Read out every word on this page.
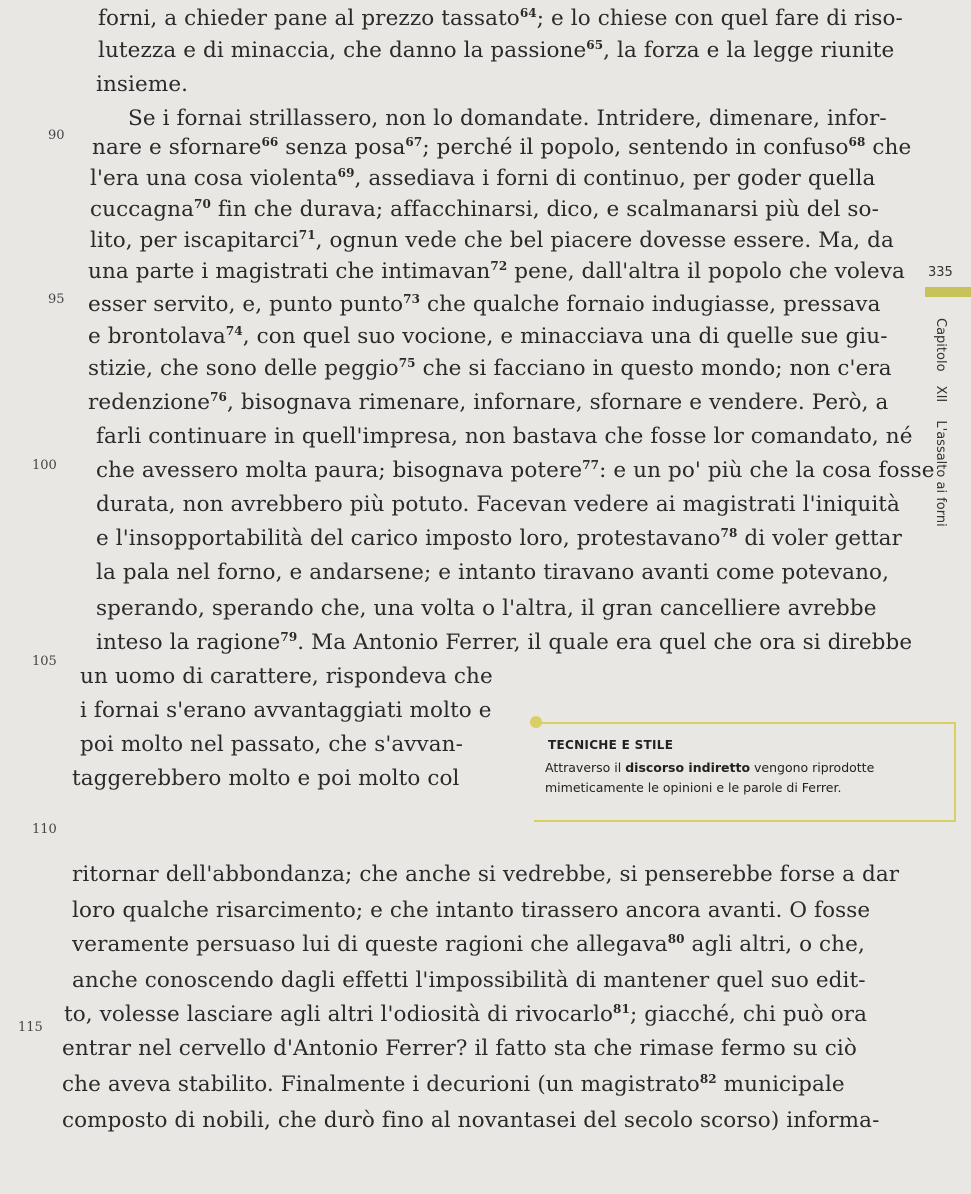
forni, a chieder pane al prezzo tassato$^{64}$; e lo chiese con quel fare di riso-
lutezza e di minaccia, che danno la passione$^{65}$, la forza e la legge riunite
insieme.
Se i fornai strillassero, non lo domandate. Intridere, dimenare, infor-
nare e sfornare$^{66}$ senza posa$^{67}$; perché il popolo, sentendo in confuso$^{68}$ che
l'era una cosa violenta$^{69}$, assediava i forni di continuo, per goder quella
cuccagna$^{70}$ fin che durava; affacchinarsi, dico, e scalmanarsi più del so-
lito, per iscapitarci$^{71}$, ognun vede che bel piacere dovesse essere. Ma, da
una parte i magistrati che intimavan$^{72}$ pene, dall'altra il popolo che voleva
esser servito, e, punto punto$^{73}$ che qualche fornaio indugiasse, pressava
e brontolava$^{74}$, con quel suo vocione, e minacciava una di quelle sue giu-
stizie, che sono delle peggio$^{75}$ che si facciano in questo mondo; non c'era
redenzione$^{76}$, bisognava rimenare, infornare, sfornare e vendere. Però, a
farli continuare in quell'impresa, non bastava che fosse lor comandato, né
che avessero molta paura; bisognava potere$^{77}$: e un po' più che la cosa fosse
durata, non avrebbero più potuto. Facevan vedere ai magistrati l'iniquità
e l'insopportabilità del carico imposto loro, protestavano$^{78}$ di voler gettar
la pala nel forno, e andarsene; e intanto tiravano avanti come potevano,
sperando, sperando che, una volta o l'altra, il gran cancelliere avrebbe
inteso la ragione$^{79}$. Ma Antonio Ferrer, il quale era quel che ora si direbbe
un uomo di carattere, rispondeva che
i fornai s'erano avvantaggiati molto e
poi molto nel passato, che s'avvan-
taggerebbero molto e poi molto col
ritornar dell'abbondanza; che anche si vedrebbe, si penserebbe forse a dar
loro qualche risarcimento; e che intanto tirassero ancora avanti. O fosse
veramente persuaso lui di queste ragioni che allegava$^{80}$ agli altri, o che,
anche conoscendo dagli effetti l'impossibilità di mantener quel suo edit-
to, volesse lasciare agli altri l'odiosità di rivocarlo$^{81}$; giacché, chi può ora
entrar nel cervello d'Antonio Ferrer? il fatto sta che rimase fermo su ciò
che aveva stabilito. Finalmente i decurioni (un magistrato$^{82}$ municipale
composto di nobili, che durò fino al novantasei del secolo scorso) informa-
90
95
100
105
110
115
335
Capitolo XII L'assalto ai forni
TECNICHE E STILE
Attraverso il discorso indiretto vengono riprodotte
mimeticamente le opinioni e le parole di Ferrer.
